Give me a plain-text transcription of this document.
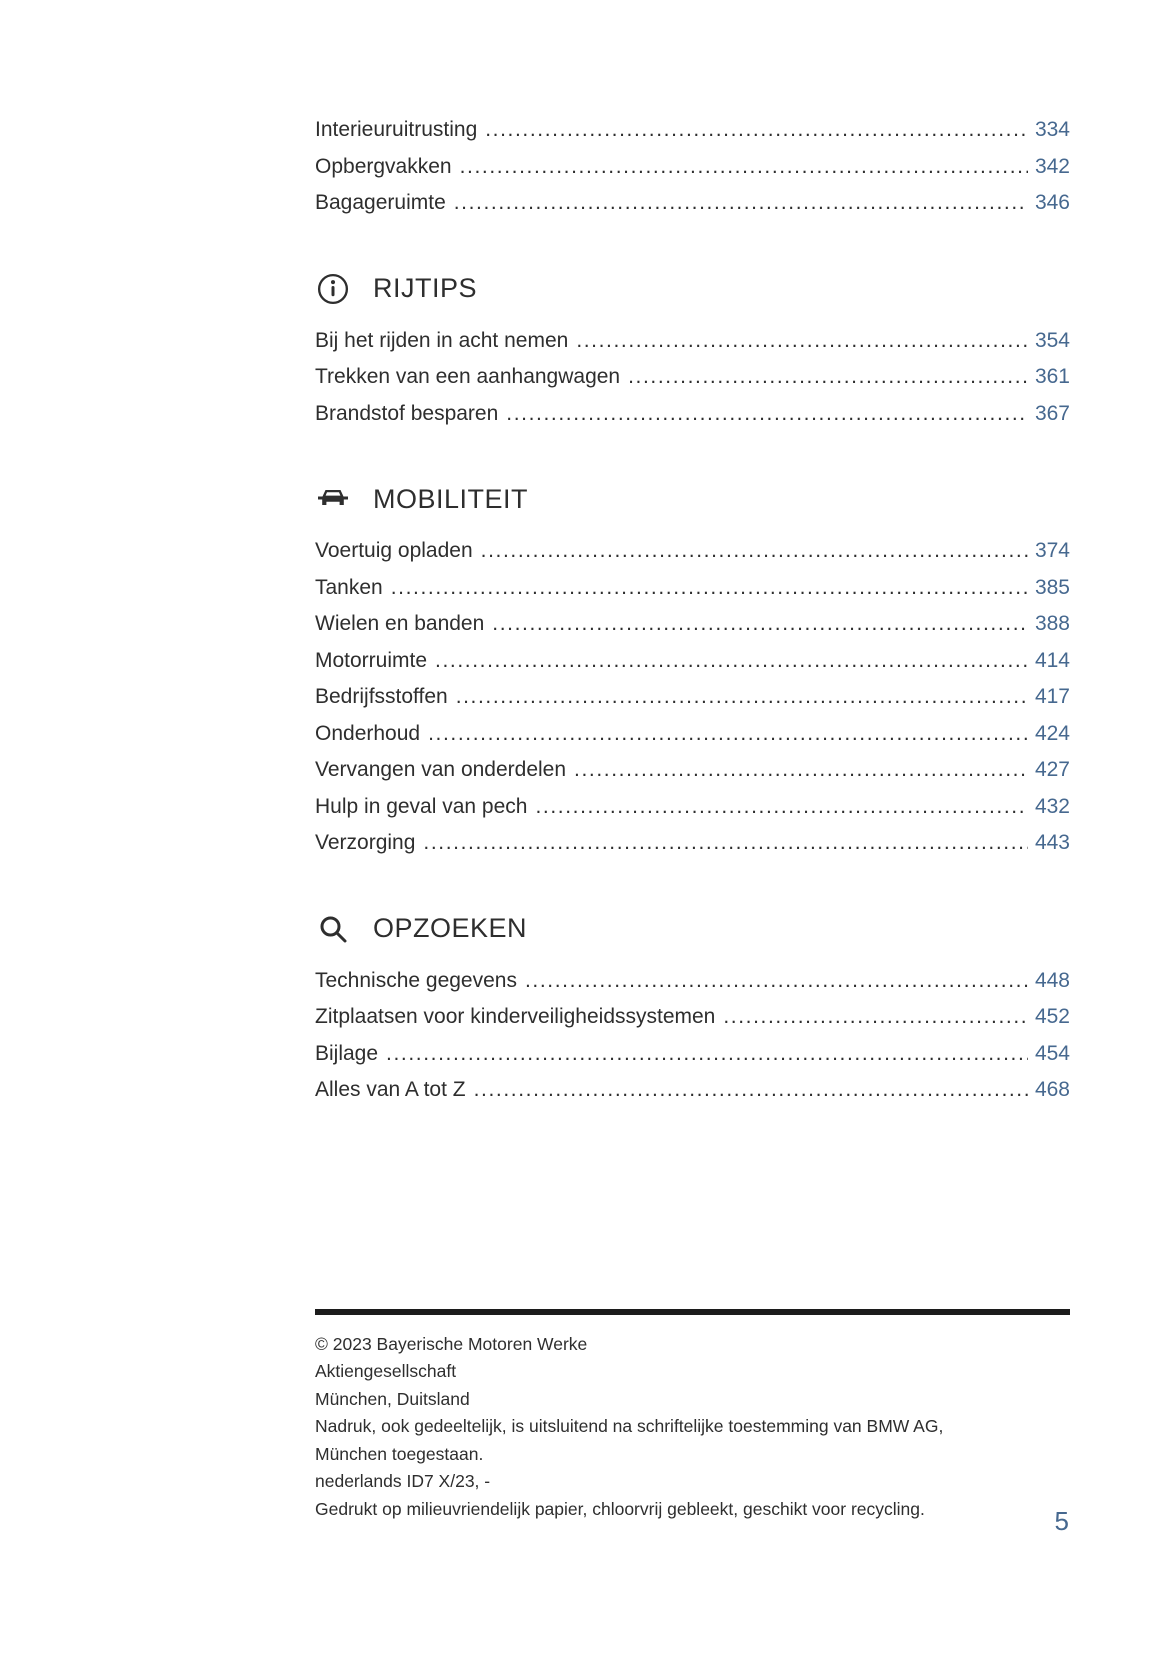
Interieuruitrusting .....	334
Opbergvakken .....	342
Bagageruimte .....	346
RIJTIPS
Bij het rijden in acht nemen .....	354
Trekken van een aanhangwagen .....	361
Brandstof besparen .....	367
MOBILITEIT
Voertuig opladen .....	374
Tanken .....	385
Wielen en banden .....	388
Motorruimte .....	414
Bedrijfsstoffen .....	417
Onderhoud .....	424
Vervangen van onderdelen .....	427
Hulp in geval van pech .....	432
Verzorging .....	443
OPZOEKEN
Technische gegevens .....	448
Zitplaatsen voor kinderveiligheidssystemen .....	452
Bijlage .....	454
Alles van A tot Z .....	468
© 2023 Bayerische Motoren Werke
Aktiengesellschaft
München, Duitsland
Nadruk, ook gedeeltelijk, is uitsluitend na schriftelijke toestemming van BMW AG,
München toegestaan.
nederlands ID7 X/23, -
Gedrukt op milieuvriendelijk papier, chloorvrij gebleekt, geschikt voor recycling.	5
